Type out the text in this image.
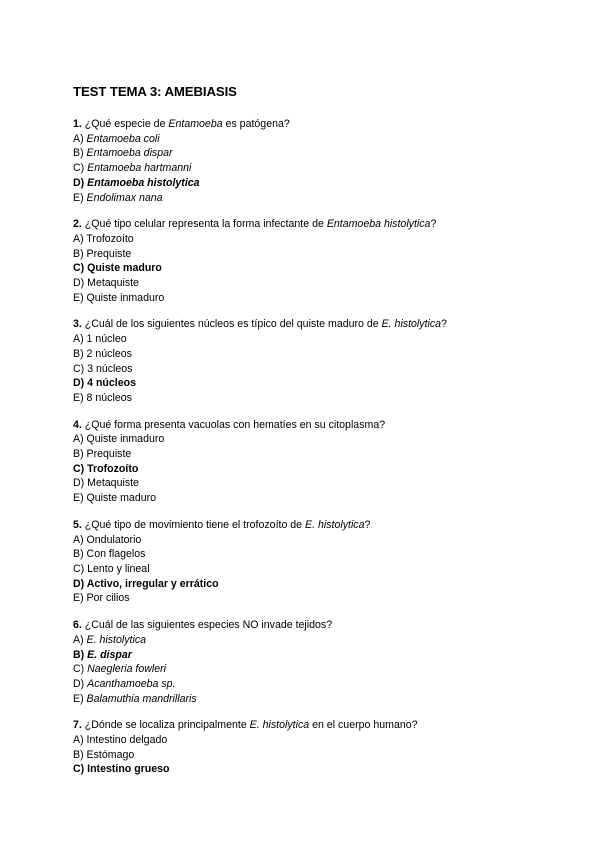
TEST TEMA 3: AMEBIASIS
1. ¿Qué especie de Entamoeba es patógena?
A) Entamoeba coli
B) Entamoeba dispar
C) Entamoeba hartmanni
D) Entamoeba histolytica
E) Endolimax nana
2. ¿Qué tipo celular representa la forma infectante de Entamoeba histolytica?
A) Trofozoíto
B) Prequiste
C) Quiste maduro
D) Metaquiste
E) Quiste inmaduro
3. ¿Cuál de los siguientes núcleos es típico del quiste maduro de E. histolytica?
A) 1 núcleo
B) 2 núcleos
C) 3 núcleos
D) 4 núcleos
E) 8 núcleos
4. ¿Qué forma presenta vacuolas con hematíes en su citoplasma?
A) Quiste inmaduro
B) Prequiste
C) Trofozoíto
D) Metaquiste
E) Quiste maduro
5. ¿Qué tipo de movimiento tiene el trofozoíto de E. histolytica?
A) Ondulatorio
B) Con flagelos
C) Lento y lineal
D) Activo, irregular y errático
E) Por cilios
6. ¿Cuál de las siguientes especies NO invade tejidos?
A) E. histolytica
B) E. dispar
C) Naegleria fowleri
D) Acanthamoeba sp.
E) Balamuthia mandrillaris
7. ¿Dónde se localiza principalmente E. histolytica en el cuerpo humano?
A) Intestino delgado
B) Estómago
C) Intestino grueso
